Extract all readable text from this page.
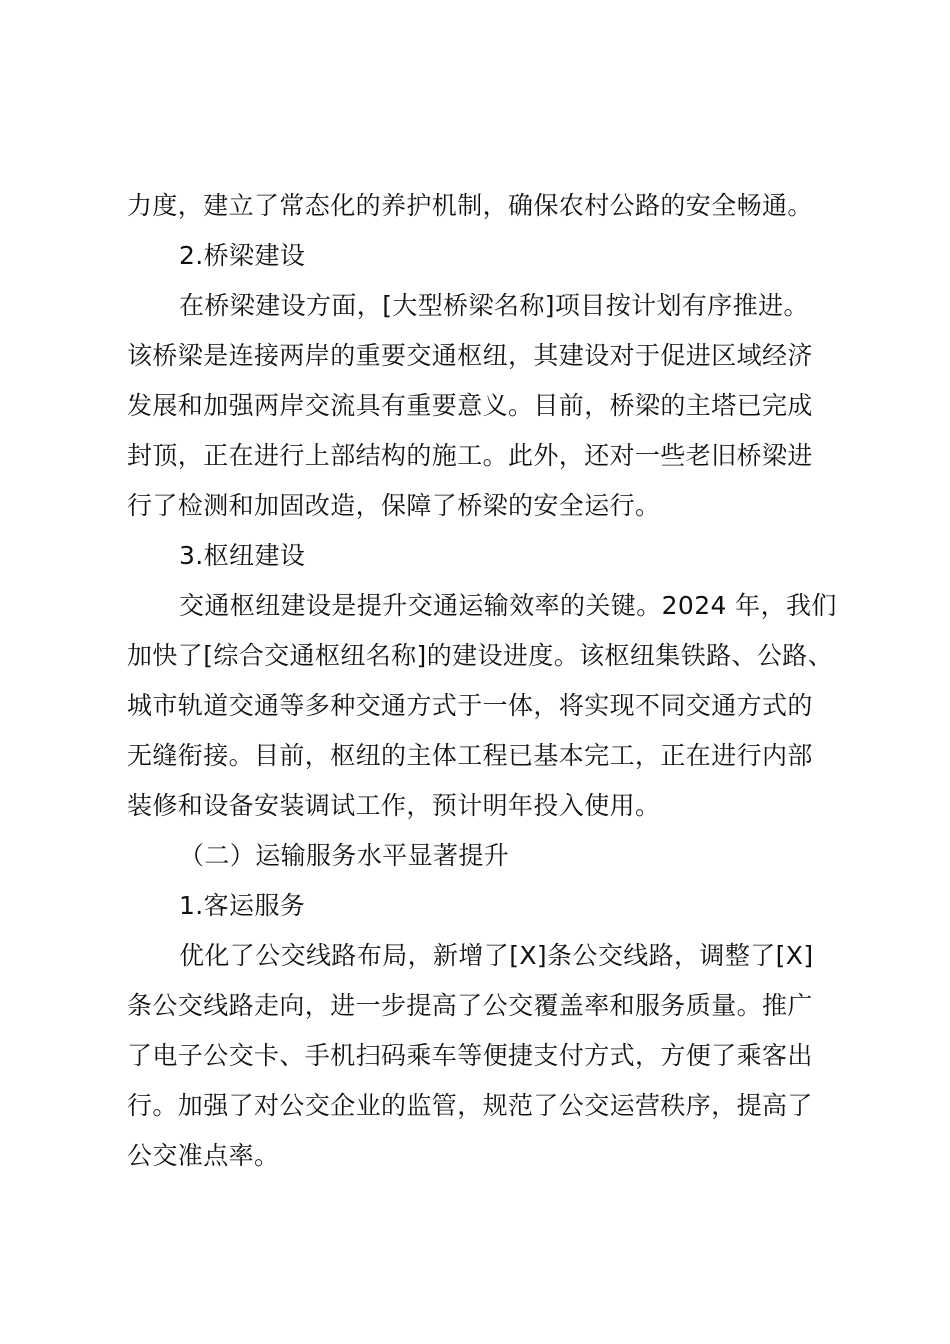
力度，建立了常态化的养护机制，确保农村公路的安全畅通。
2.桥梁建设
在桥梁建设方面，[大型桥梁名称]项目按计划有序推进。
该桥梁是连接两岸的重要交通枢纽，其建设对于促进区域经济
发展和加强两岸交流具有重要意义。目前，桥梁的主塔已完成
封顶，正在进行上部结构的施工。此外，还对一些老旧桥梁进
行了检测和加固改造，保障了桥梁的安全运行。
3.枢纽建设
交通枢纽建设是提升交通运输效率的关键。2024 年，我们
加快了[综合交通枢纽名称]的建设进度。该枢纽集铁路、公路、
城市轨道交通等多种交通方式于一体，将实现不同交通方式的
无缝衔接。目前，枢纽的主体工程已基本完工，正在进行内部
装修和设备安装调试工作，预计明年投入使用。
（二）运输服务水平显著提升
1.客运服务
优化了公交线路布局，新增了[X]条公交线路，调整了[X]
条公交线路走向，进一步提高了公交覆盖率和服务质量。推广
了电子公交卡、手机扫码乘车等便捷支付方式，方便了乘客出
行。加强了对公交企业的监管，规范了公交运营秩序，提高了
公交准点率。
